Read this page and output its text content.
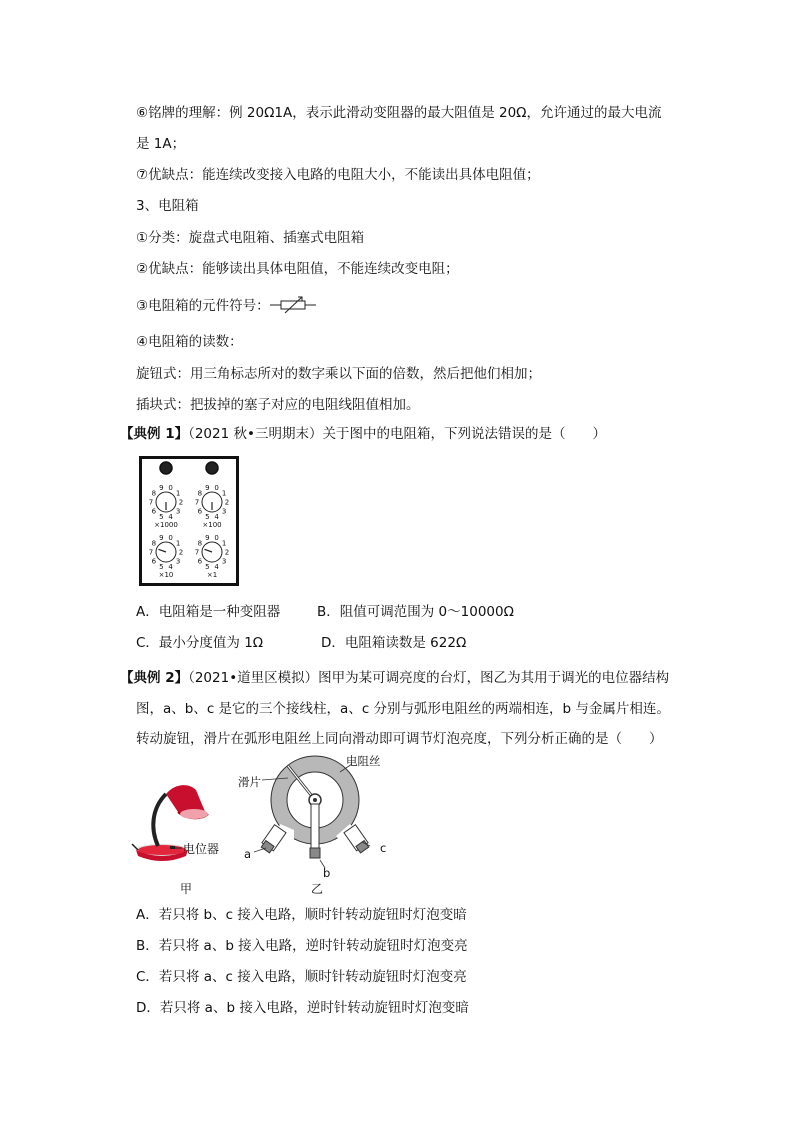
⑥铭牌的理解：例 20Ω1A，表示此滑动变阻器的最大阻值是 20Ω，允许通过的最大电流
是 1A；
⑦优缺点：能连续改变接入电路的电阻大小，不能读出具体电阻值；
3、电阻箱
①分类：旋盘式电阻箱、插塞式电阻箱
②优缺点：能够读出具体电阻值，不能连续改变电阻；
③电阻箱的元件符号：
④电阻箱的读数：
旋钮式：用三角标志所对的数字乘以下面的倍数，然后把他们相加；
插块式：把拔掉的塞子对应的电阻线阻值相加。
【典例 1】（2021 秋•三明期末）关于图中的电阻箱，下列说法错误的是（　　）
9 0
1
2
3
4
5
6
7
8
×1000
9 0
1
2
3
4
5
6
7
8
×100
9 0
1
2
3
4
5
6
7
8
×10
9 0
1
2
3
4
5
6
7
8
×1
A．电阻箱是一种变阻器	B．阻值可调范围为 0～10000Ω
C．最小分度值为 1Ω	D．电阻箱读数是 622Ω
【典例 2】（2021•道里区模拟）图甲为某可调亮度的台灯，图乙为其用于调光的电位器结构
图，a、b、c 是它的三个接线柱，a、c 分别与弧形电阻丝的两端相连，b 与金属片相连。
转动旋钮，滑片在弧形电阻丝上同向滑动即可调节灯泡亮度，下列分析正确的是（　　）
电位器
甲
电阻丝
滑片
a
b
c
乙
A．若只将 b、c 接入电路，顺时针转动旋钮时灯泡变暗
B．若只将 a、b 接入电路，逆时针转动旋钮时灯泡变亮
C．若只将 a、c 接入电路，顺时针转动旋钮时灯泡变亮
D．若只将 a、b 接入电路，逆时针转动旋钮时灯泡变暗
